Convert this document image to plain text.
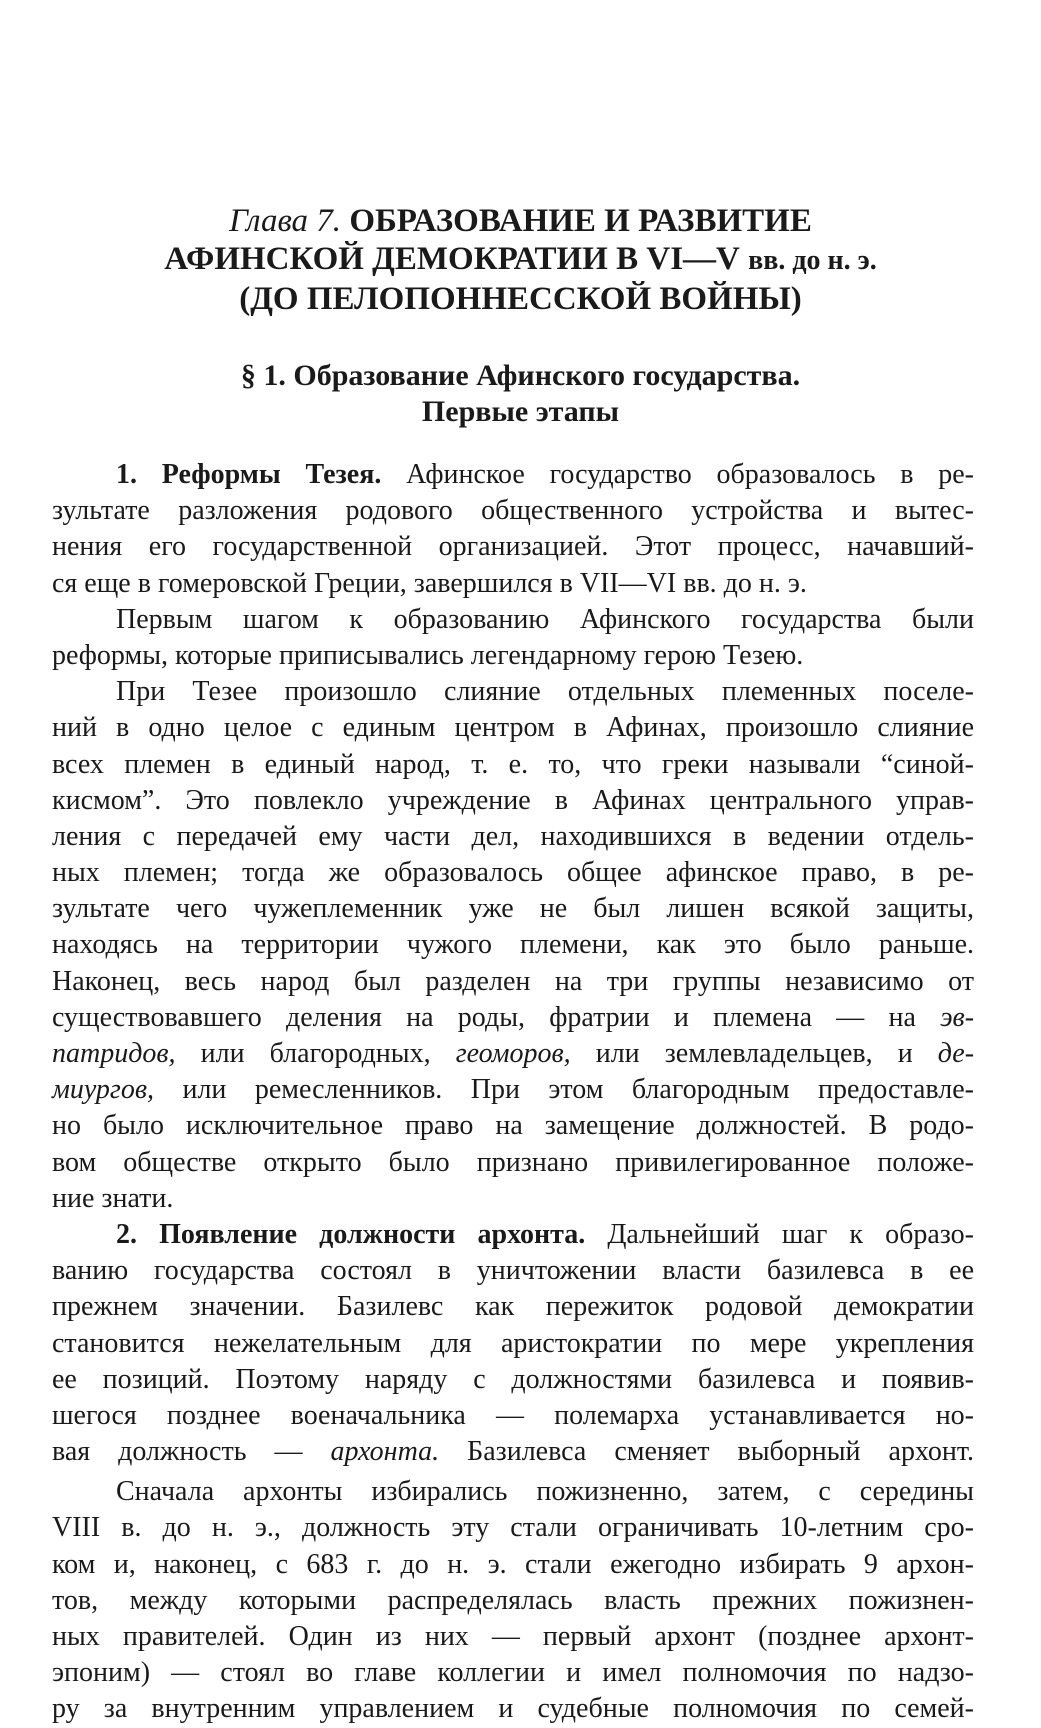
Глава 7. ОБРАЗОВАНИЕ И РАЗВИТИЕ
АФИНСКОЙ ДЕМОКРАТИИ В VI—V вв. до н. э.
(ДО ПЕЛОПОННЕССКОЙ ВОЙНЫ)
§ 1. Образование Афинского государства.
Первые этапы
1. Реформы Тезея. Афинское государство образовалось в ре-
зультате разложения родового общественного устройства и вытес-
нения его государственной организацией. Этот процесс, начавший-
ся еще в гомеровской Греции, завершился в VII—VI вв. до н. э.
Первым шагом к образованию Афинского государства были
реформы, которые приписывались легендарному герою Тезею.
При Тезее произошло слияние отдельных племенных поселе-
ний в одно целое с единым центром в Афинах, произошло слияние
всех племен в единый народ, т. е. то, что греки называли “синой-
кисмом”. Это повлекло учреждение в Афинах центрального управ-
ления с передачей ему части дел, находившихся в ведении отдель-
ных племен; тогда же образовалось общее афинское право, в ре-
зультате чего чужеплеменник уже не был лишен всякой защиты,
находясь на территории чужого племени, как это было раньше.
Наконец, весь народ был разделен на три группы независимо от
существовавшего деления на роды, фратрии и племена — на эв-
патридов, или благородных, геоморов, или землевладельцев, и де-
миургов, или ремесленников. При этом благородным предоставле-
но было исключительное право на замещение должностей. В родо-
вом обществе открыто было признано привилегированное положе-
ние знати.
2. Появление должности архонта. Дальнейший шаг к образо-
ванию государства состоял в уничтожении власти базилевса в ее
прежнем значении. Базилевс как пережиток родовой демократии
становится нежелательным для аристократии по мере укрепления
ее позиций. Поэтому наряду с должностями базилевса и появив-
шегося позднее военачальника — полемарха устанавливается но-
вая должность — архонта. Базилевса сменяет выборный архонт.
Сначала архонты избирались пожизненно, затем, с середины
VIII в. до н. э., должность эту стали ограничивать 10-летним сро-
ком и, наконец, с 683 г. до н. э. стали ежегодно избирать 9 архон-
тов, между которыми распределялась власть прежних пожизнен-
ных правителей. Один из них — первый архонт (позднее архонт-
эпоним) — стоял во главе коллегии и имел полномочия по надзо-
ру за внутренним управлением и судебные полномочия по семей-
